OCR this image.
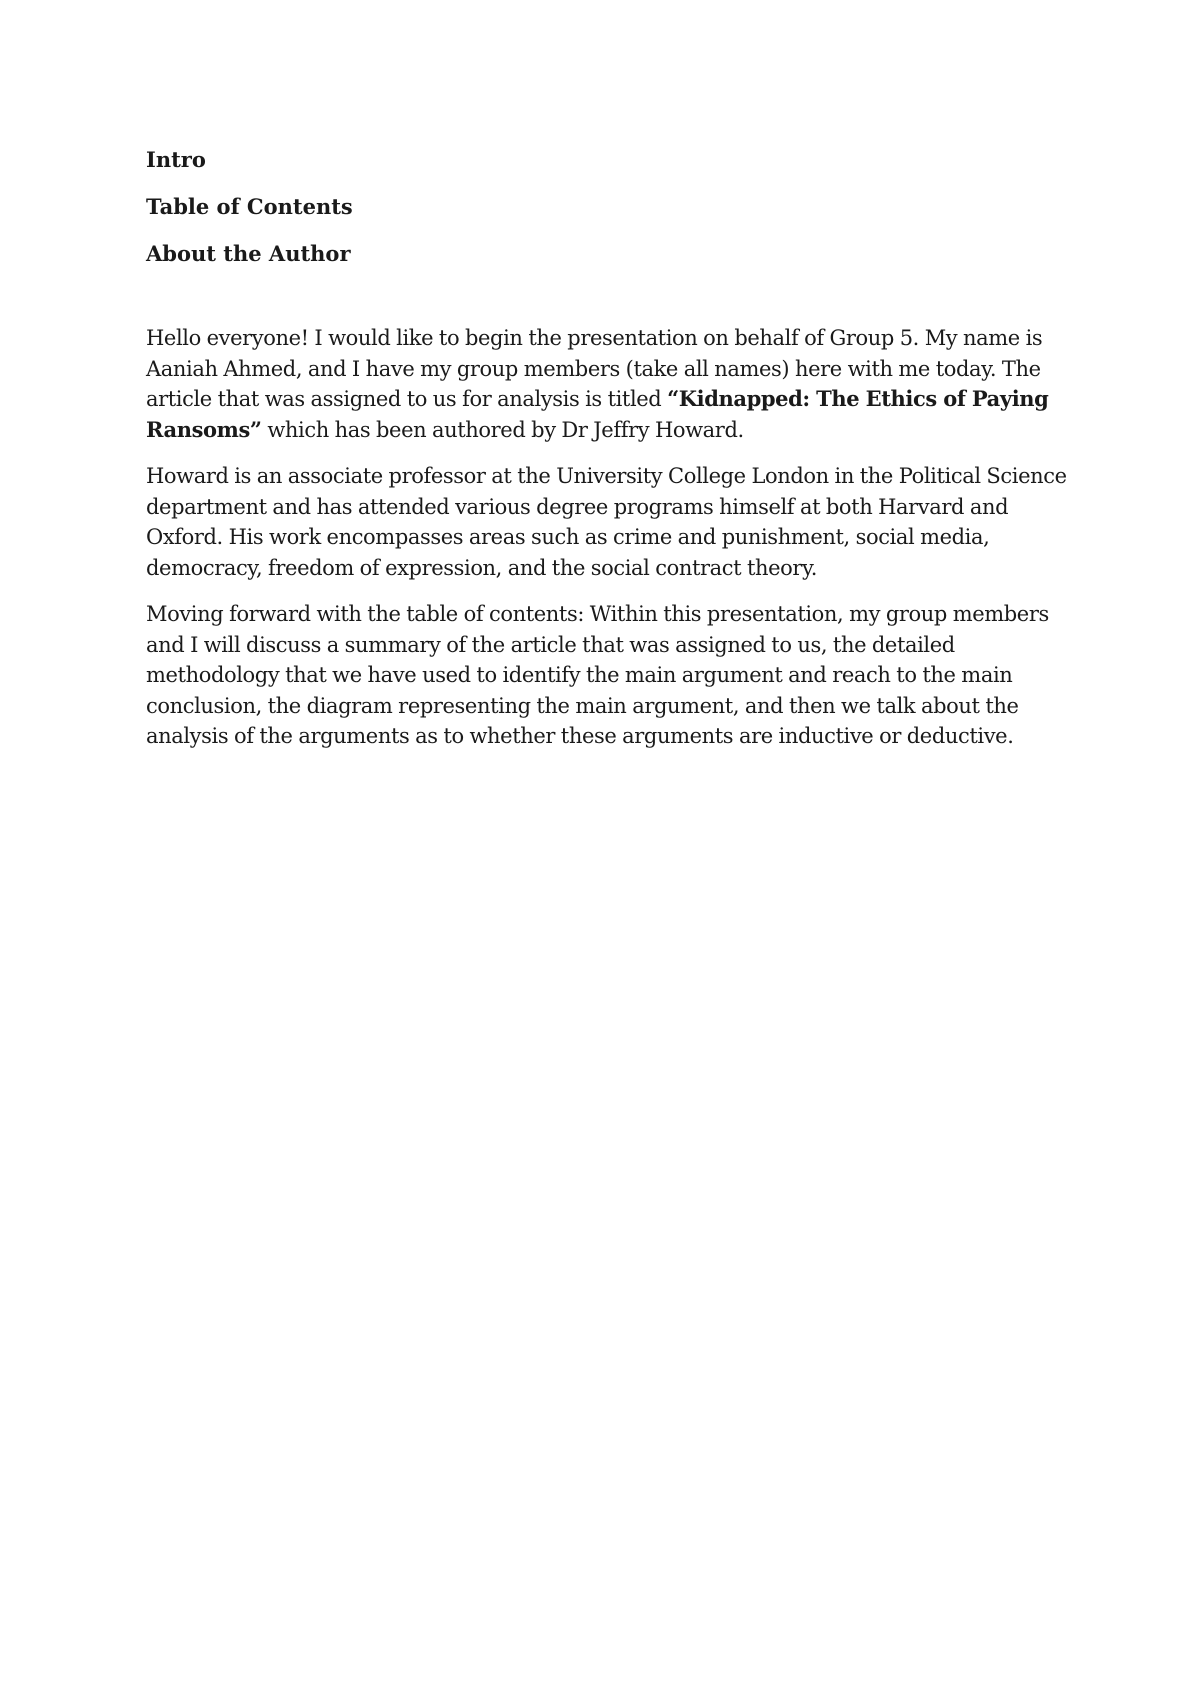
Intro
Table of Contents
About the Author

Hello everyone! I would like to begin the presentation on behalf of Group 5. My name is Aaniah Ahmed, and I have my group members (take all names) here with me today. The article that was assigned to us for analysis is titled “Kidnapped: The Ethics of Paying Ransoms” which has been authored by Dr Jeffry Howard.

Howard is an associate professor at the University College London in the Political Science department and has attended various degree programs himself at both Harvard and Oxford. His work encompasses areas such as crime and punishment, social media, democracy, freedom of expression, and the social contract theory.

Moving forward with the table of contents: Within this presentation, my group members and I will discuss a summary of the article that was assigned to us, the detailed methodology that we have used to identify the main argument and reach to the main conclusion, the diagram representing the main argument, and then we talk about the analysis of the arguments as to whether these arguments are inductive or deductive.
